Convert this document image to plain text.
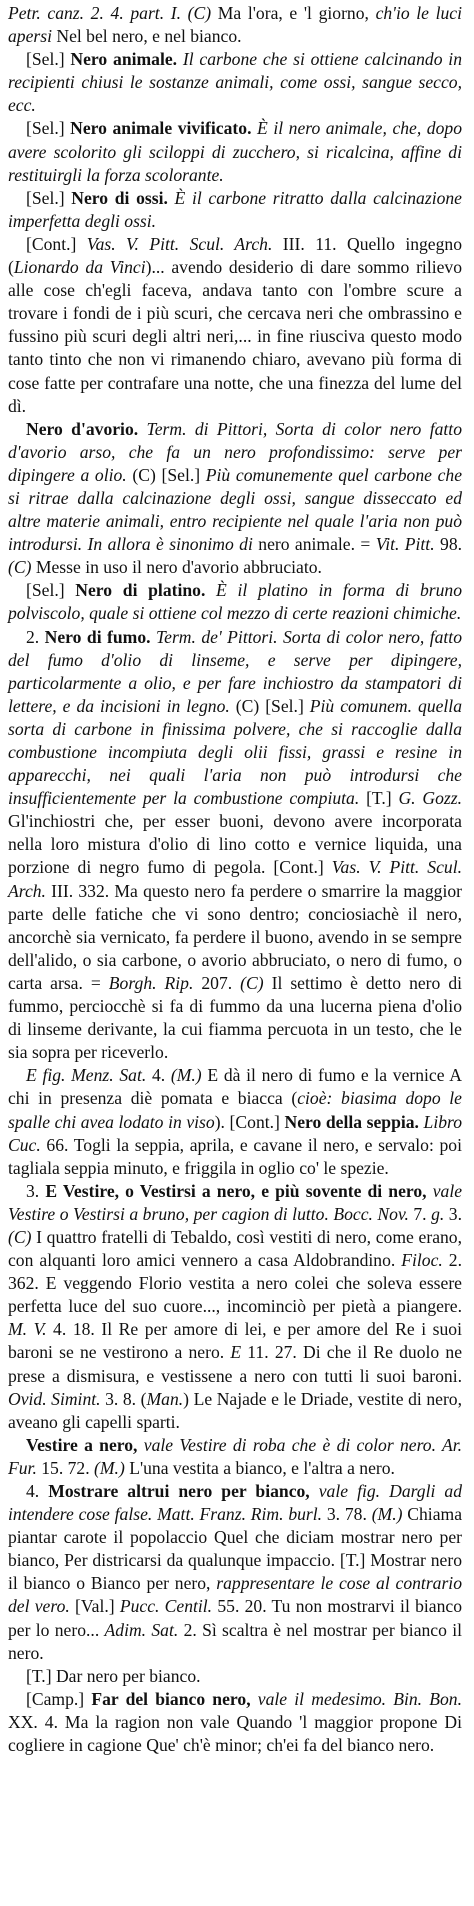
Petr. canz. 2. 4. part. I. (C) Ma l'ora, e 'l giorno, ch'io le luci apersi Nel bel nero, e nel bianco.

[Sel.] Nero animale. Il carbone che si ottiene calcinando in recipienti chiusi le sostanze animali, come ossi, sangue secco, ecc.

[Sel.] Nero animale vivificato. È il nero animale, che, dopo avere scolorito gli sciloppi di zucchero, si ricalcina, affine di restituirgli la forza scolorante.

[Sel.] Nero di ossi. È il carbone ritratto dalla calcinazione imperfetta degli ossi.

[Cont.] Vas. V. Pitt. Scul. Arch. III. 11. Quello ingegno (Lionardo da Vinci)... avendo desiderio di dare sommo rilievo alle cose ch'egli faceva, andava tanto con l'ombre scure a trovare i fondi de i più scuri, che cercava neri che ombrassino e fussino più scuri degli altri neri,... in fine riusciva questo modo tanto tinto che non vi rimanendo chiaro, avevano più forma di cose fatte per contrafare una notte, che una finezza del lume del dì.

Nero d'avorio. Term. di Pittori, Sorta di color nero fatto d'avorio arso, che fa un nero profondissimo: serve per dipingere a olio. (C) [Sel.] Più comunemente quel carbone che si ritrae dalla calcinazione degli ossi, sangue disseccato ed altre materie animali, entro recipiente nel quale l'aria non può introdursi. In allora è sinonimo di nero animale. = Vit. Pitt. 98. (C) Messe in uso il nero d'avorio abbruciato.

[Sel.] Nero di platino. È il platino in forma di bruno polviscolo, quale si ottiene col mezzo di certe reazioni chimiche.

2. Nero di fumo. Term. de' Pittori. Sorta di color nero, fatto del fumo d'olio di linseme, e serve per dipingere, particolarmente a olio, e per fare inchiostro da stampatori di lettere, e da incisioni in legno. (C) [Sel.] Più comunem. quella sorta di carbone in finissima polvere, che si raccoglie dalla combustione incompiuta degli olii fissi, grassi e resine in apparecchi, nei quali l'aria non può introdursi che insufficientemente per la combustione compiuta. [T.] G. Gozz. Gl'inchiostri che, per esser buoni, devono avere incorporata nella loro mistura d'olio di lino cotto e vernice liquida, una porzione di negro fumo di pegola. [Cont.] Vas. V. Pitt. Scul. Arch. III. 332. Ma questo nero fa perdere o smarrire la maggior parte delle fatiche che vi sono dentro; conciosiachè il nero, ancorchè sia vernicato, fa perdere il buono, avendo in se sempre dell'alido, o sia carbone, o avorio abbruciato, o nero di fumo, o carta arsa. = Borgh. Rip. 207. (C) Il settimo è detto nero di fummo, perciocchè si fa di fummo da una lucerna piena d'olio di linseme derivante, la cui fiamma percuota in un testo, che le sia sopra per riceverlo.

E fig. Menz. Sat. 4. (M.) E dà il nero di fumo e la vernice A chi in presenza diè pomata e biacca (cioè: biasima dopo le spalle chi avea lodato in viso). [Cont.] Nero della seppia. Libro Cuc. 66. Togli la seppia, aprila, e cavane il nero, e servalo: poi tagliala seppia minuto, e friggila in oglio co' le spezie.

3. E Vestire, o Vestirsi a nero, e più sovente di nero, vale Vestire o Vestirsi a bruno, per cagion di lutto. Bocc. Nov. 7. g. 3. (C) I quattro fratelli di Tebaldo, così vestiti di nero, come erano, con alquanti loro amici vennero a casa Aldobrandino. Filoc. 2. 362. E veggendo Florio vestita a nero colei che soleva essere perfetta luce del suo cuore..., incominciò per pietà a piangere. M. V. 4. 18. Il Re per amore di lei, e per amore del Re i suoi baroni se ne vestirono a nero. E 11. 27. Di che il Re duolo ne prese a dismisura, e vestissene a nero con tutti li suoi baroni. Ovid. Simint. 3. 8. (Man.) Le Najade e le Driade, vestite di nero, aveano gli capelli sparti.

Vestire a nero, vale Vestire di roba che è di color nero. Ar. Fur. 15. 72. (M.) L'una vestita a bianco, e l'altra a nero.

4. Mostrare altrui nero per bianco, vale fig. Dargli ad intendere cose false. Matt. Franz. Rim. burl. 3. 78. (M.) Chiama piantar carote il popolaccio Quel che diciam mostrar nero per bianco, Per districarsi da qualunque impaccio. [T.] Mostrar nero il bianco o Bianco per nero, rappresentare le cose al contrario del vero. [Val.] Pucc. Centil. 55. 20. Tu non mostrarvi il bianco per lo nero... Adim. Sat. 2. Sì scaltra è nel mostrar per bianco il nero.

[T.] Dar nero per bianco.

[Camp.] Far del bianco nero, vale il medesimo. Bin. Bon. XX. 4. Ma la ragion non vale Quando 'l maggior propone Di cogliere in cagione Que' ch'è minor; ch'ei fa del bianco nero.
